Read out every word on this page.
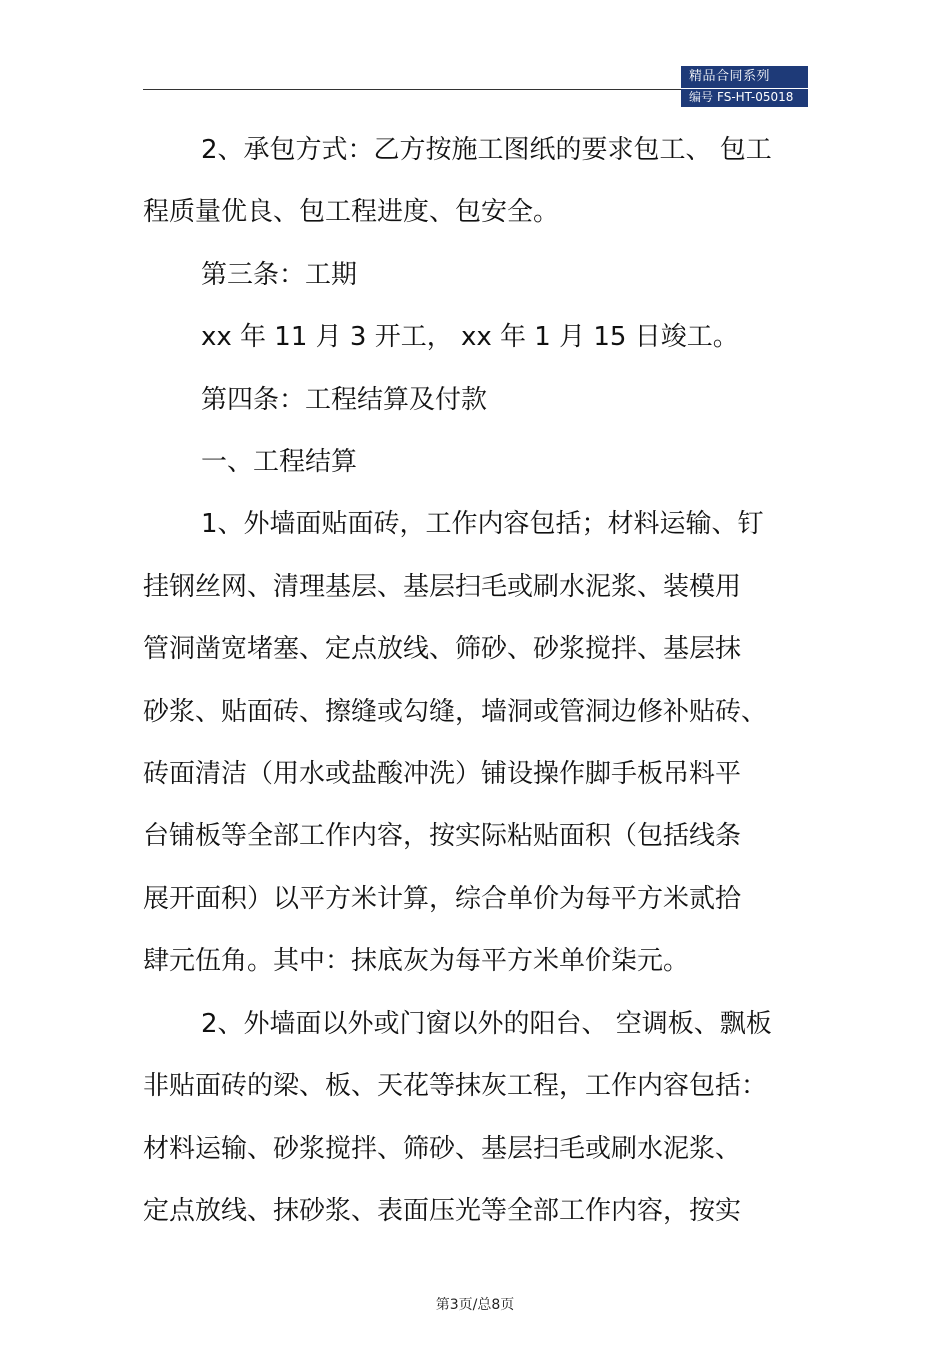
精品合同系列
编号 FS-HT-05018

2、承包方式：乙方按施工图纸的要求包工、 包工

程质量优良、包工程进度、包安全。

第三条：工期

xx 年 11 月 3 开工， xx 年 1 月 15 日竣工。

第四条：工程结算及付款

一、工程结算

1、外墙面贴面砖，工作内容包括；材料运输、钉

挂钢丝网、清理基层、基层扫毛或刷水泥浆、装模用

管洞凿宽堵塞、定点放线、筛砂、砂浆搅拌、基层抹

砂浆、贴面砖、擦缝或勾缝，墙洞或管洞边修补贴砖、

砖面清洁（用水或盐酸冲洗）铺设操作脚手板吊料平

台铺板等全部工作内容，按实际粘贴面积（包括线条

展开面积）以平方米计算，综合单价为每平方米贰拾

肆元伍角。其中：抹底灰为每平方米单价柒元。

2、外墙面以外或门窗以外的阳台、 空调板、飘板

非贴面砖的梁、板、天花等抹灰工程，工作内容包括：

材料运输、砂浆搅拌、筛砂、基层扫毛或刷水泥浆、

定点放线、抹砂浆、表面压光等全部工作内容，按实

第3页/总8页
